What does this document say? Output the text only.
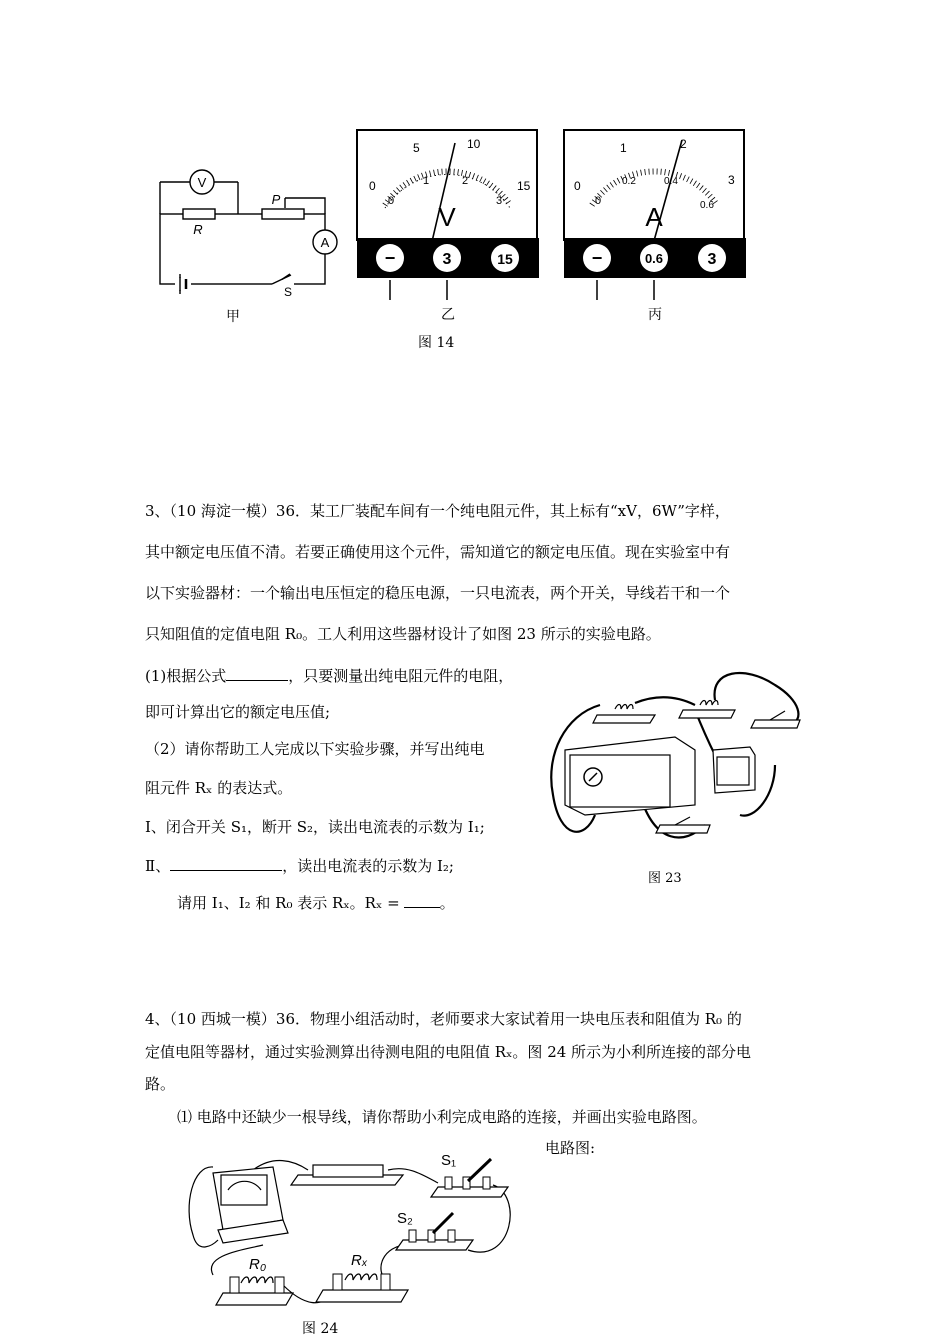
V
A
R
P
S
甲
0
5	10
15
0
1	2
3
V
−	3	15
乙
0
1	2
3
0
0.2	0.4
0.6
A
−	0.6	3
丙
图 14
3、（10 海淀一模）36．某工厂装配车间有一个纯电阻元件，其上标有“xV，6W”字样，
其中额定电压值不清。若要正确使用这个元件，需知道它的额定电压值。现在实验室中有
以下实验器材：一个输出电压恒定的稳压电源，一只电流表，两个开关，导线若干和一个
只知阻值的定值电阻 R₀。工人利用这些器材设计了如图 23 所示的实验电路。
(1)根据公式	，只要测量出纯电阻元件的电阻，
即可计算出它的额定电压值;
（2）请你帮助工人完成以下实验步骤，并写出纯电
阻元件 Rₓ 的表达式。
Ⅰ、闭合开关 S₁，断开 S₂，读出电流表的示数为 I₁;
Ⅱ、	，读出电流表的示数为 I₂;
请用 I₁、I₂ 和 R₀ 表示 Rₓ。Rₓ =	。
图 23
4、（10 西城一模）36．物理小组活动时，老师要求大家试着用一块电压表和阻值为 R₀ 的
定值电阻等器材，通过实验测算出待测电阻的电阻值 Rₓ。图 24 所示为小利所连接的部分电
路。
⑴ 电路中还缺少一根导线，请你帮助小利完成电路的连接，并画出实验电路图。
电路图:
S₁
S₂
R₀	Rₓ
图 24
